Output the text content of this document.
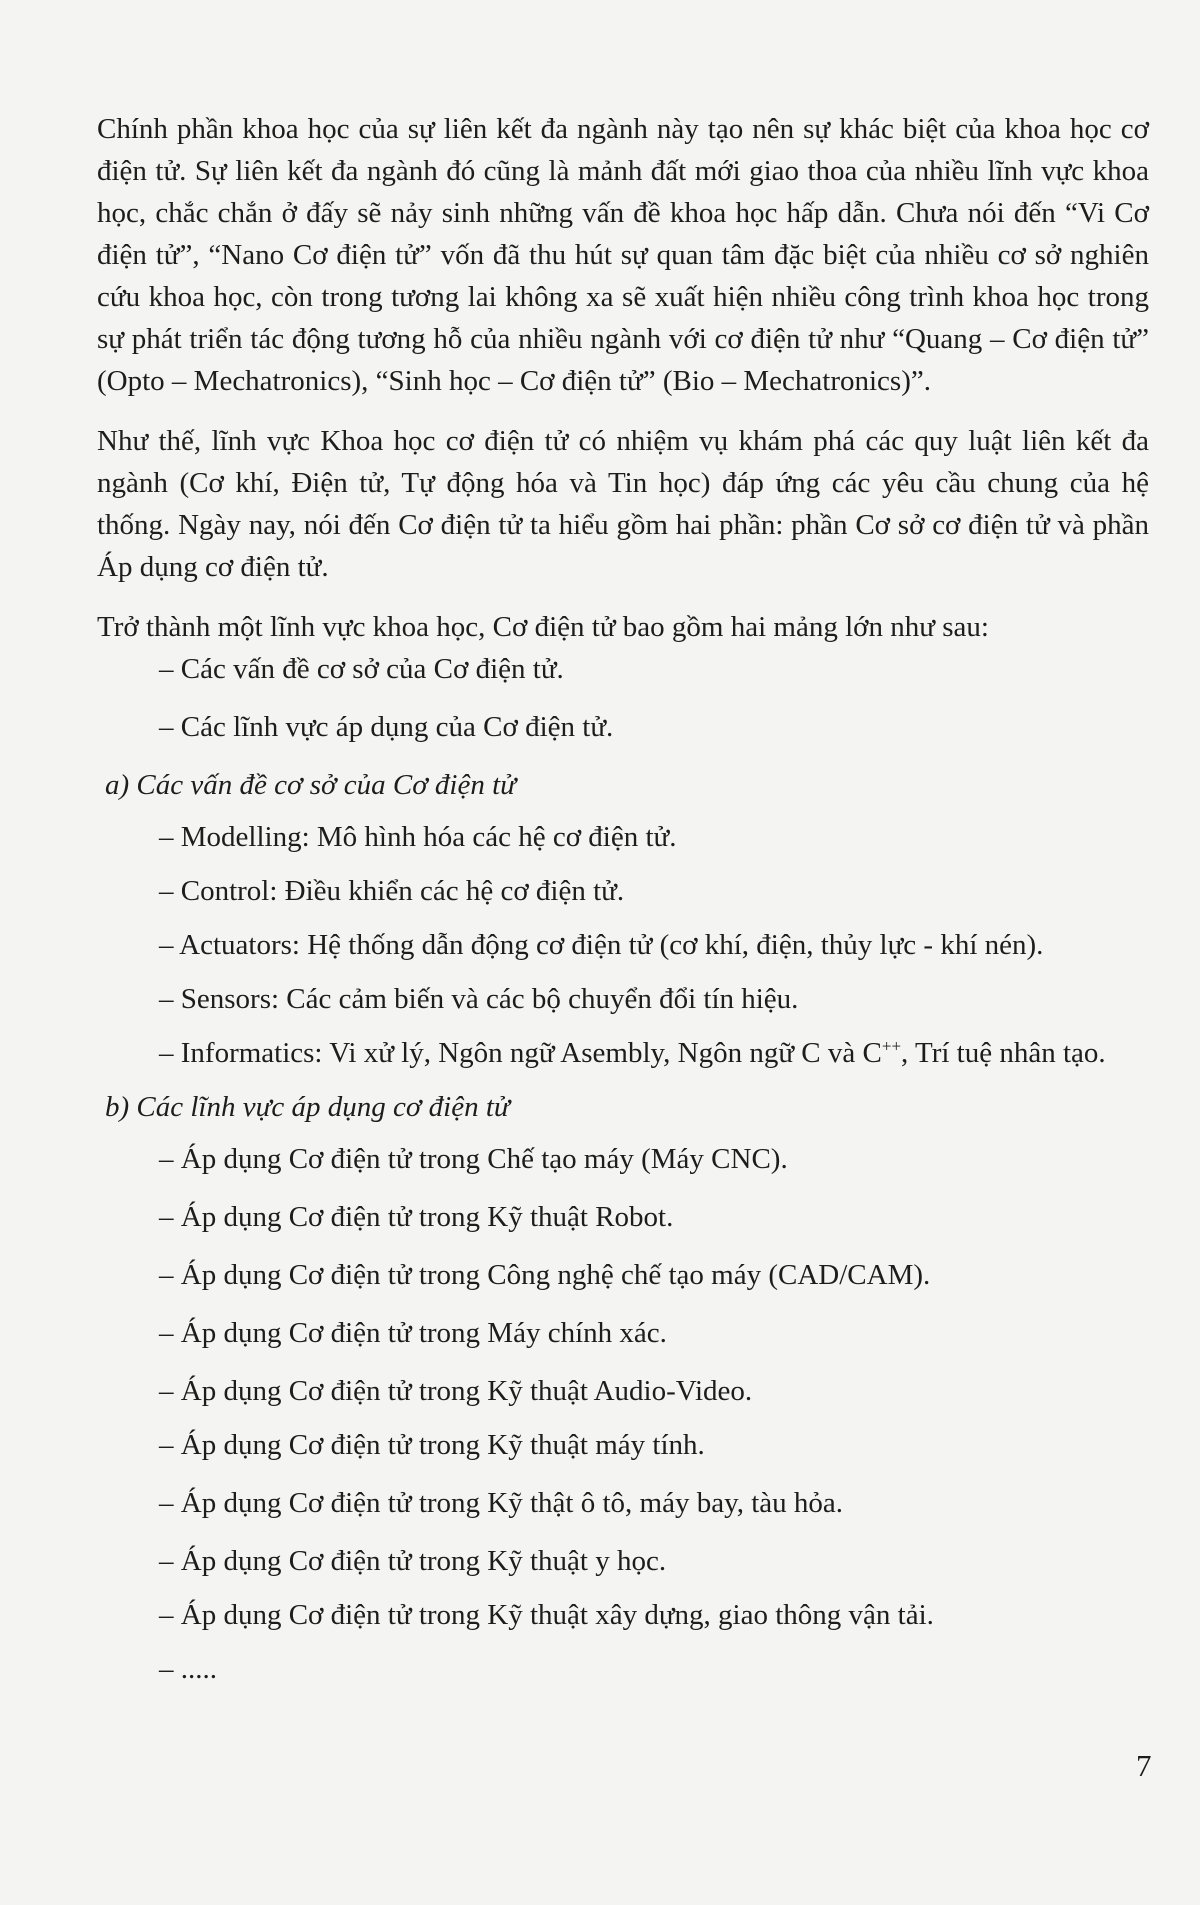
Chính phần khoa học của sự liên kết đa ngành này tạo nên sự khác biệt của khoa học cơ điện tử. Sự liên kết đa ngành đó cũng là mảnh đất mới giao thoa của nhiều lĩnh vực khoa học, chắc chắn ở đấy sẽ nảy sinh những vấn đề khoa học hấp dẫn. Chưa nói đến “Vi Cơ điện tử”, “Nano Cơ điện tử” vốn đã thu hút sự quan tâm đặc biệt của nhiều cơ sở nghiên cứu khoa học, còn trong tương lai không xa sẽ xuất hiện nhiều công trình khoa học trong sự phát triển tác động tương hỗ của nhiều ngành với cơ điện tử như “Quang – Cơ điện tử” (Opto – Mechatronics), “Sinh học – Cơ điện tử” (Bio – Mechatronics)”.

Như thế, lĩnh vực Khoa học cơ điện tử có nhiệm vụ khám phá các quy luật liên kết đa ngành (Cơ khí, Điện tử, Tự động hóa và Tin học) đáp ứng các yêu cầu chung của hệ thống. Ngày nay, nói đến Cơ điện tử ta hiểu gồm hai phần: phần Cơ sở cơ điện tử và phần Áp dụng cơ điện tử.

Trở thành một lĩnh vực khoa học, Cơ điện tử bao gồm hai mảng lớn như sau:

– Các vấn đề cơ sở của Cơ điện tử.
– Các lĩnh vực áp dụng của Cơ điện tử.
a) Các vấn đề cơ sở của Cơ điện tử
– Modelling: Mô hình hóa các hệ cơ điện tử.
– Control: Điều khiển các hệ cơ điện tử.
– Actuators: Hệ thống dẫn động cơ điện tử (cơ khí, điện, thủy lực - khí nén).
– Sensors: Các cảm biến và các bộ chuyển đổi tín hiệu.
– Informatics: Vi xử lý, Ngôn ngữ Asembly, Ngôn ngữ C và C++, Trí tuệ nhân tạo.
b) Các lĩnh vực áp dụng cơ điện tử
– Áp dụng Cơ điện tử trong Chế tạo máy (Máy CNC).
– Áp dụng Cơ điện tử trong Kỹ thuật Robot.
– Áp dụng Cơ điện tử trong Công nghệ chế tạo máy (CAD/CAM).
– Áp dụng Cơ điện tử trong Máy chính xác.
– Áp dụng Cơ điện tử trong Kỹ thuật Audio-Video.
– Áp dụng Cơ điện tử trong Kỹ thuật máy tính.
– Áp dụng Cơ điện tử trong Kỹ thật ô tô, máy bay, tàu hỏa.
– Áp dụng Cơ điện tử trong Kỹ thuật y học.
– Áp dụng Cơ điện tử trong Kỹ thuật xây dựng, giao thông vận tải.
– .....
7
